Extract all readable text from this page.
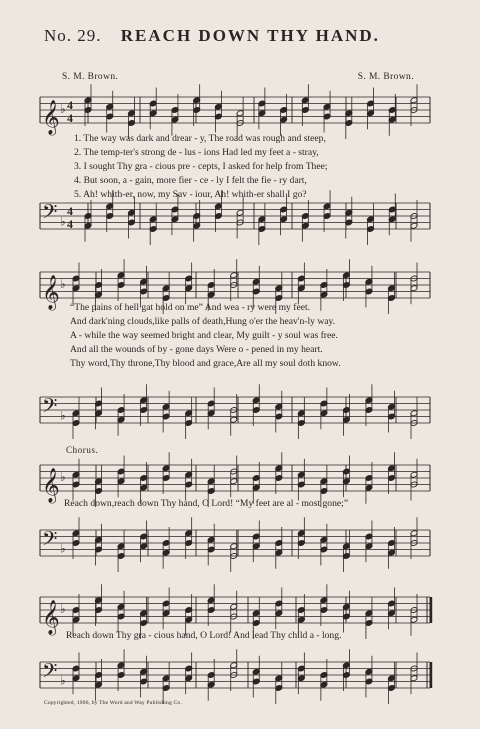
No. 29. REACH DOWN THY HAND.
S. M. Brown.	S. M. Brown.
𝄞 ♭ 4
4
𝄢 ♭
4
4
𝄞 ♭
𝄢 ♭
𝄞 ♭
𝄢 ♭
𝄞 ♭
𝄢 ♭
1. The way was dark and drear - y, The road was rough and steep,
2. The temp-ter's strong de - lus - ions Had led my feet a - stray,
3. I sought Thy gra - cious pre - cepts, I asked for help from Thee;
4. But soon, a - gain, more fier - ce - ly I felt the fie - ry dart,
5. Ah! whith-er, now, my Sav - iour, Ah! whith-er shall I go?
“The pains of hell gat hold on me” And wea - ry were my feet.
And dark'ning clouds,like palls of death,Hung o'er the heav'n-ly way.
A - while the way seemed bright and clear, My guilt - y soul was free.
And all the wounds of by - gone days Were o - pened in my heart.
Thy word,Thy throne,Thy blood and grace,Are all my soul doth know.
Chorus.
Reach down,reach down Thy hand, O Lord! “My feet are al - most gone;”
Reach down Thy gra - cious hand, O Lord! And lead Thy child a - long.
Copyrighted, 1906, by The Word and Way Publishing Co.
